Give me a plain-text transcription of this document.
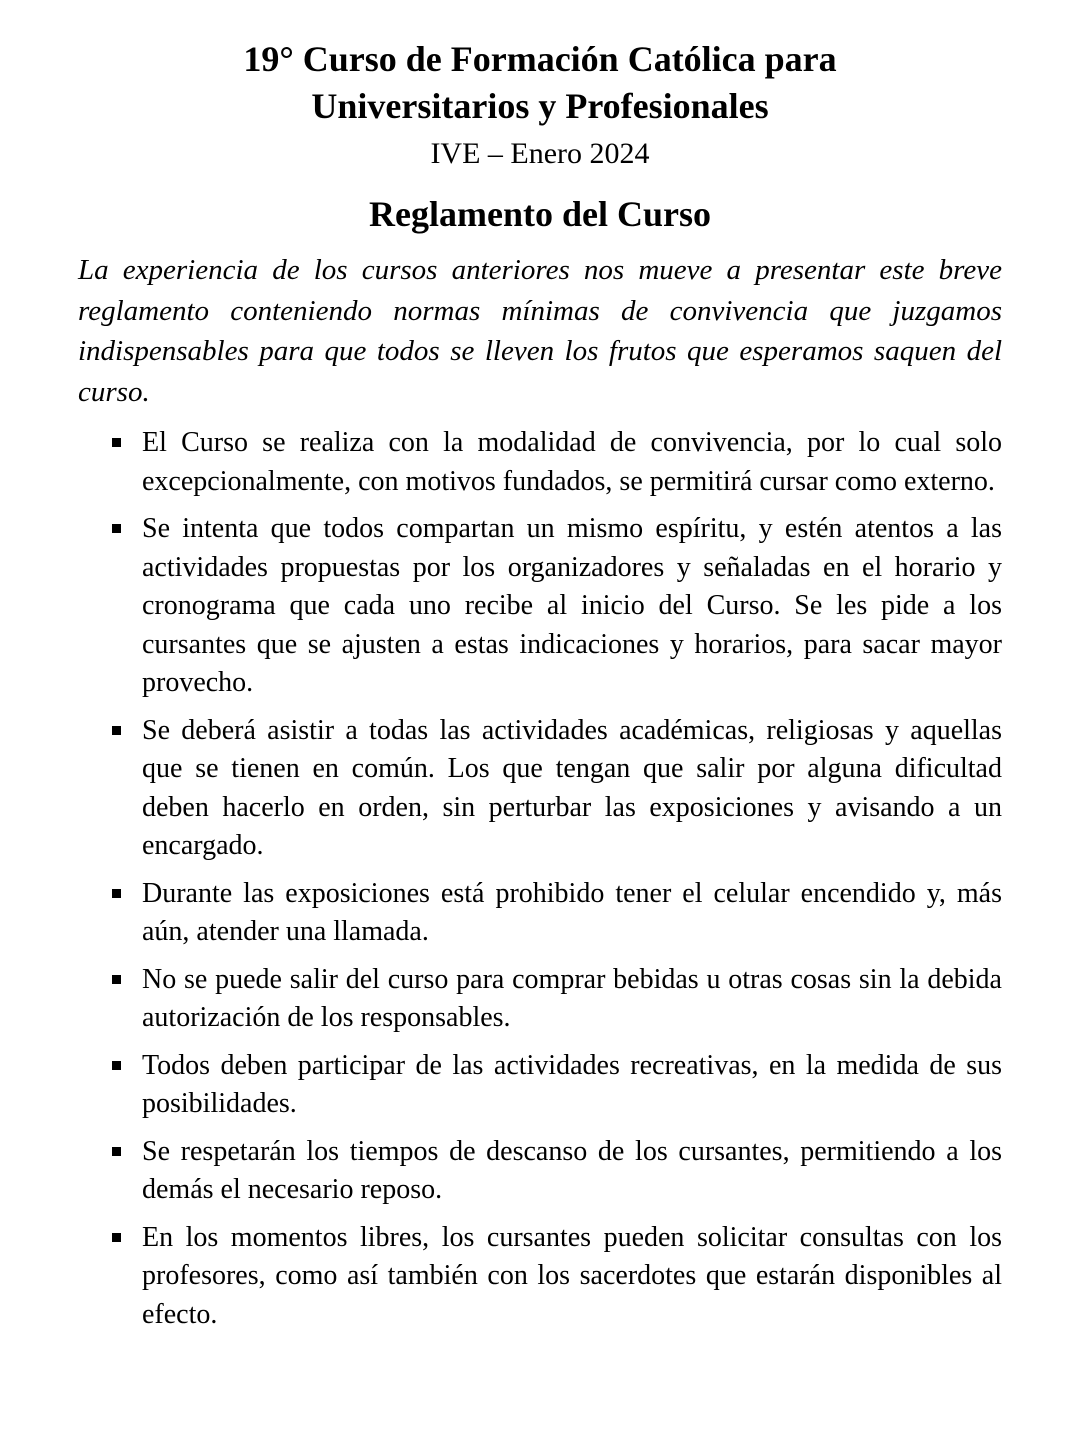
19° Curso de Formación Católica para
Universitarios y Profesionales
IVE – Enero 2024
Reglamento del Curso

La experiencia de los cursos anteriores nos mueve a presentar este breve reglamento conteniendo normas mínimas de convivencia que juzgamos indispensables para que todos se lleven los frutos que esperamos saquen del curso.

El Curso se realiza con la modalidad de convivencia, por lo cual solo excepcionalmente, con motivos fundados, se permitirá cursar como externo.
Se intenta que todos compartan un mismo espíritu, y estén atentos a las actividades propuestas por los organizadores y señaladas en el horario y cronograma que cada uno recibe al inicio del Curso. Se les pide a los cursantes que se ajusten a estas indicaciones y horarios, para sacar mayor provecho.
Se deberá asistir a todas las actividades académicas, religiosas y aquellas que se tienen en común. Los que tengan que salir por alguna dificultad deben hacerlo en orden, sin perturbar las exposiciones y avisando a un encargado.
Durante las exposiciones está prohibido tener el celular encendido y, más aún, atender una llamada.
No se puede salir del curso para comprar bebidas u otras cosas sin la debida autorización de los responsables.
Todos deben participar de las actividades recreativas, en la medida de sus posibilidades.
Se respetarán los tiempos de descanso de los cursantes, permitiendo a los demás el necesario reposo.
En los momentos libres, los cursantes pueden solicitar consultas con los profesores, como así también con los sacerdotes que estarán disponibles al efecto.
